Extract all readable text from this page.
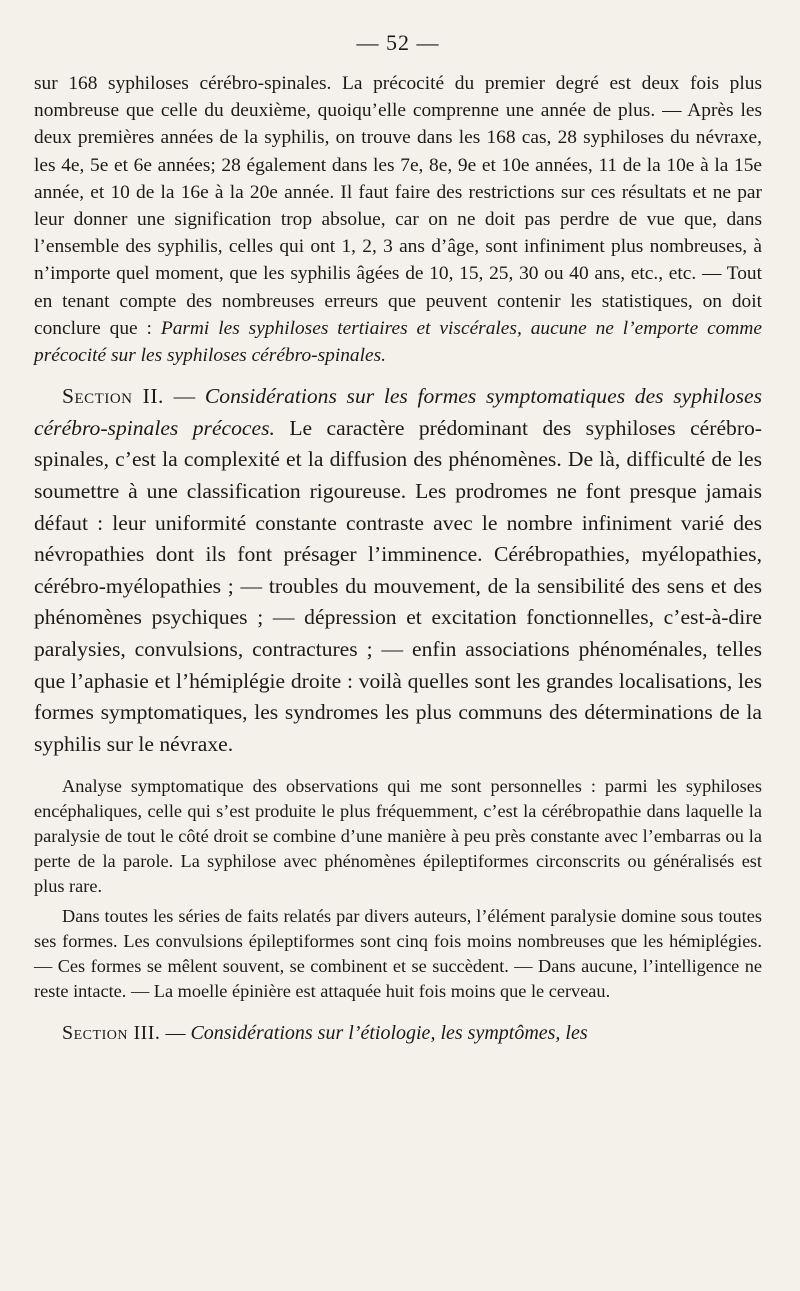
— 52 —

sur 168 syphiloses cérébro-spinales. La précocité du premier degré est deux fois plus nombreuse que celle du deuxième, quoiqu’elle comprenne une année de plus. — Après les deux premières années de la syphilis, on trouve dans les 168 cas, 28 syphiloses du névraxe, les 4e, 5e et 6e années; 28 également dans les 7e, 8e, 9e et 10e années, 11 de la 10e à la 15e année, et 10 de la 16e à la 20e année. Il faut faire des restrictions sur ces résultats et ne par leur donner une signification trop absolue, car on ne doit pas perdre de vue que, dans l’ensemble des syphilis, celles qui ont 1, 2, 3 ans d’âge, sont infiniment plus nombreuses, à n’importe quel moment, que les syphilis âgées de 10, 15, 25, 30 ou 40 ans, etc., etc. — Tout en tenant compte des nombreuses erreurs que peuvent contenir les statistiques, on doit conclure que : Parmi les syphiloses tertiaires et viscérales, aucune ne l’emporte comme précocité sur les syphiloses cérébro-spinales.

Section II. — Considérations sur les formes symptomatiques des syphiloses cérébro-spinales précoces. Le caractère prédominant des syphiloses cérébro-spinales, c’est la complexité et la diffusion des phénomènes. De là, difficulté de les soumettre à une classification rigoureuse. Les prodromes ne font presque jamais défaut : leur uniformité constante contraste avec le nombre infiniment varié des névropathies dont ils font présager l’imminence. Cérébropathies, myélopathies, cérébro-myélopathies ; — troubles du mouvement, de la sensibilité des sens et des phénomènes psychiques ; — dépression et excitation fonctionnelles, c’est-à-dire paralysies, convulsions, contractures ; — enfin associations phénoménales, telles que l’aphasie et l’hémiplégie droite : voilà quelles sont les grandes localisations, les formes symptomatiques, les syndromes les plus communs des déterminations de la syphilis sur le névraxe.

Analyse symptomatique des observations qui me sont personnelles : parmi les syphiloses encéphaliques, celle qui s’est produite le plus fréquemment, c’est la cérébropathie dans laquelle la paralysie de tout le côté droit se combine d’une manière à peu près constante avec l’embarras ou la perte de la parole. La syphilose avec phénomènes épileptiformes circonscrits ou généralisés est plus rare.

Dans toutes les séries de faits relatés par divers auteurs, l’élément paralysie domine sous toutes ses formes. Les convulsions épileptiformes sont cinq fois moins nombreuses que les hémiplégies. — Ces formes se mêlent souvent, se combinent et se succèdent. — Dans aucune, l’intelligence ne reste intacte. — La moelle épinière est attaquée huit fois moins que le cerveau.

Section III. — Considérations sur l’étiologie, les symptômes, les
